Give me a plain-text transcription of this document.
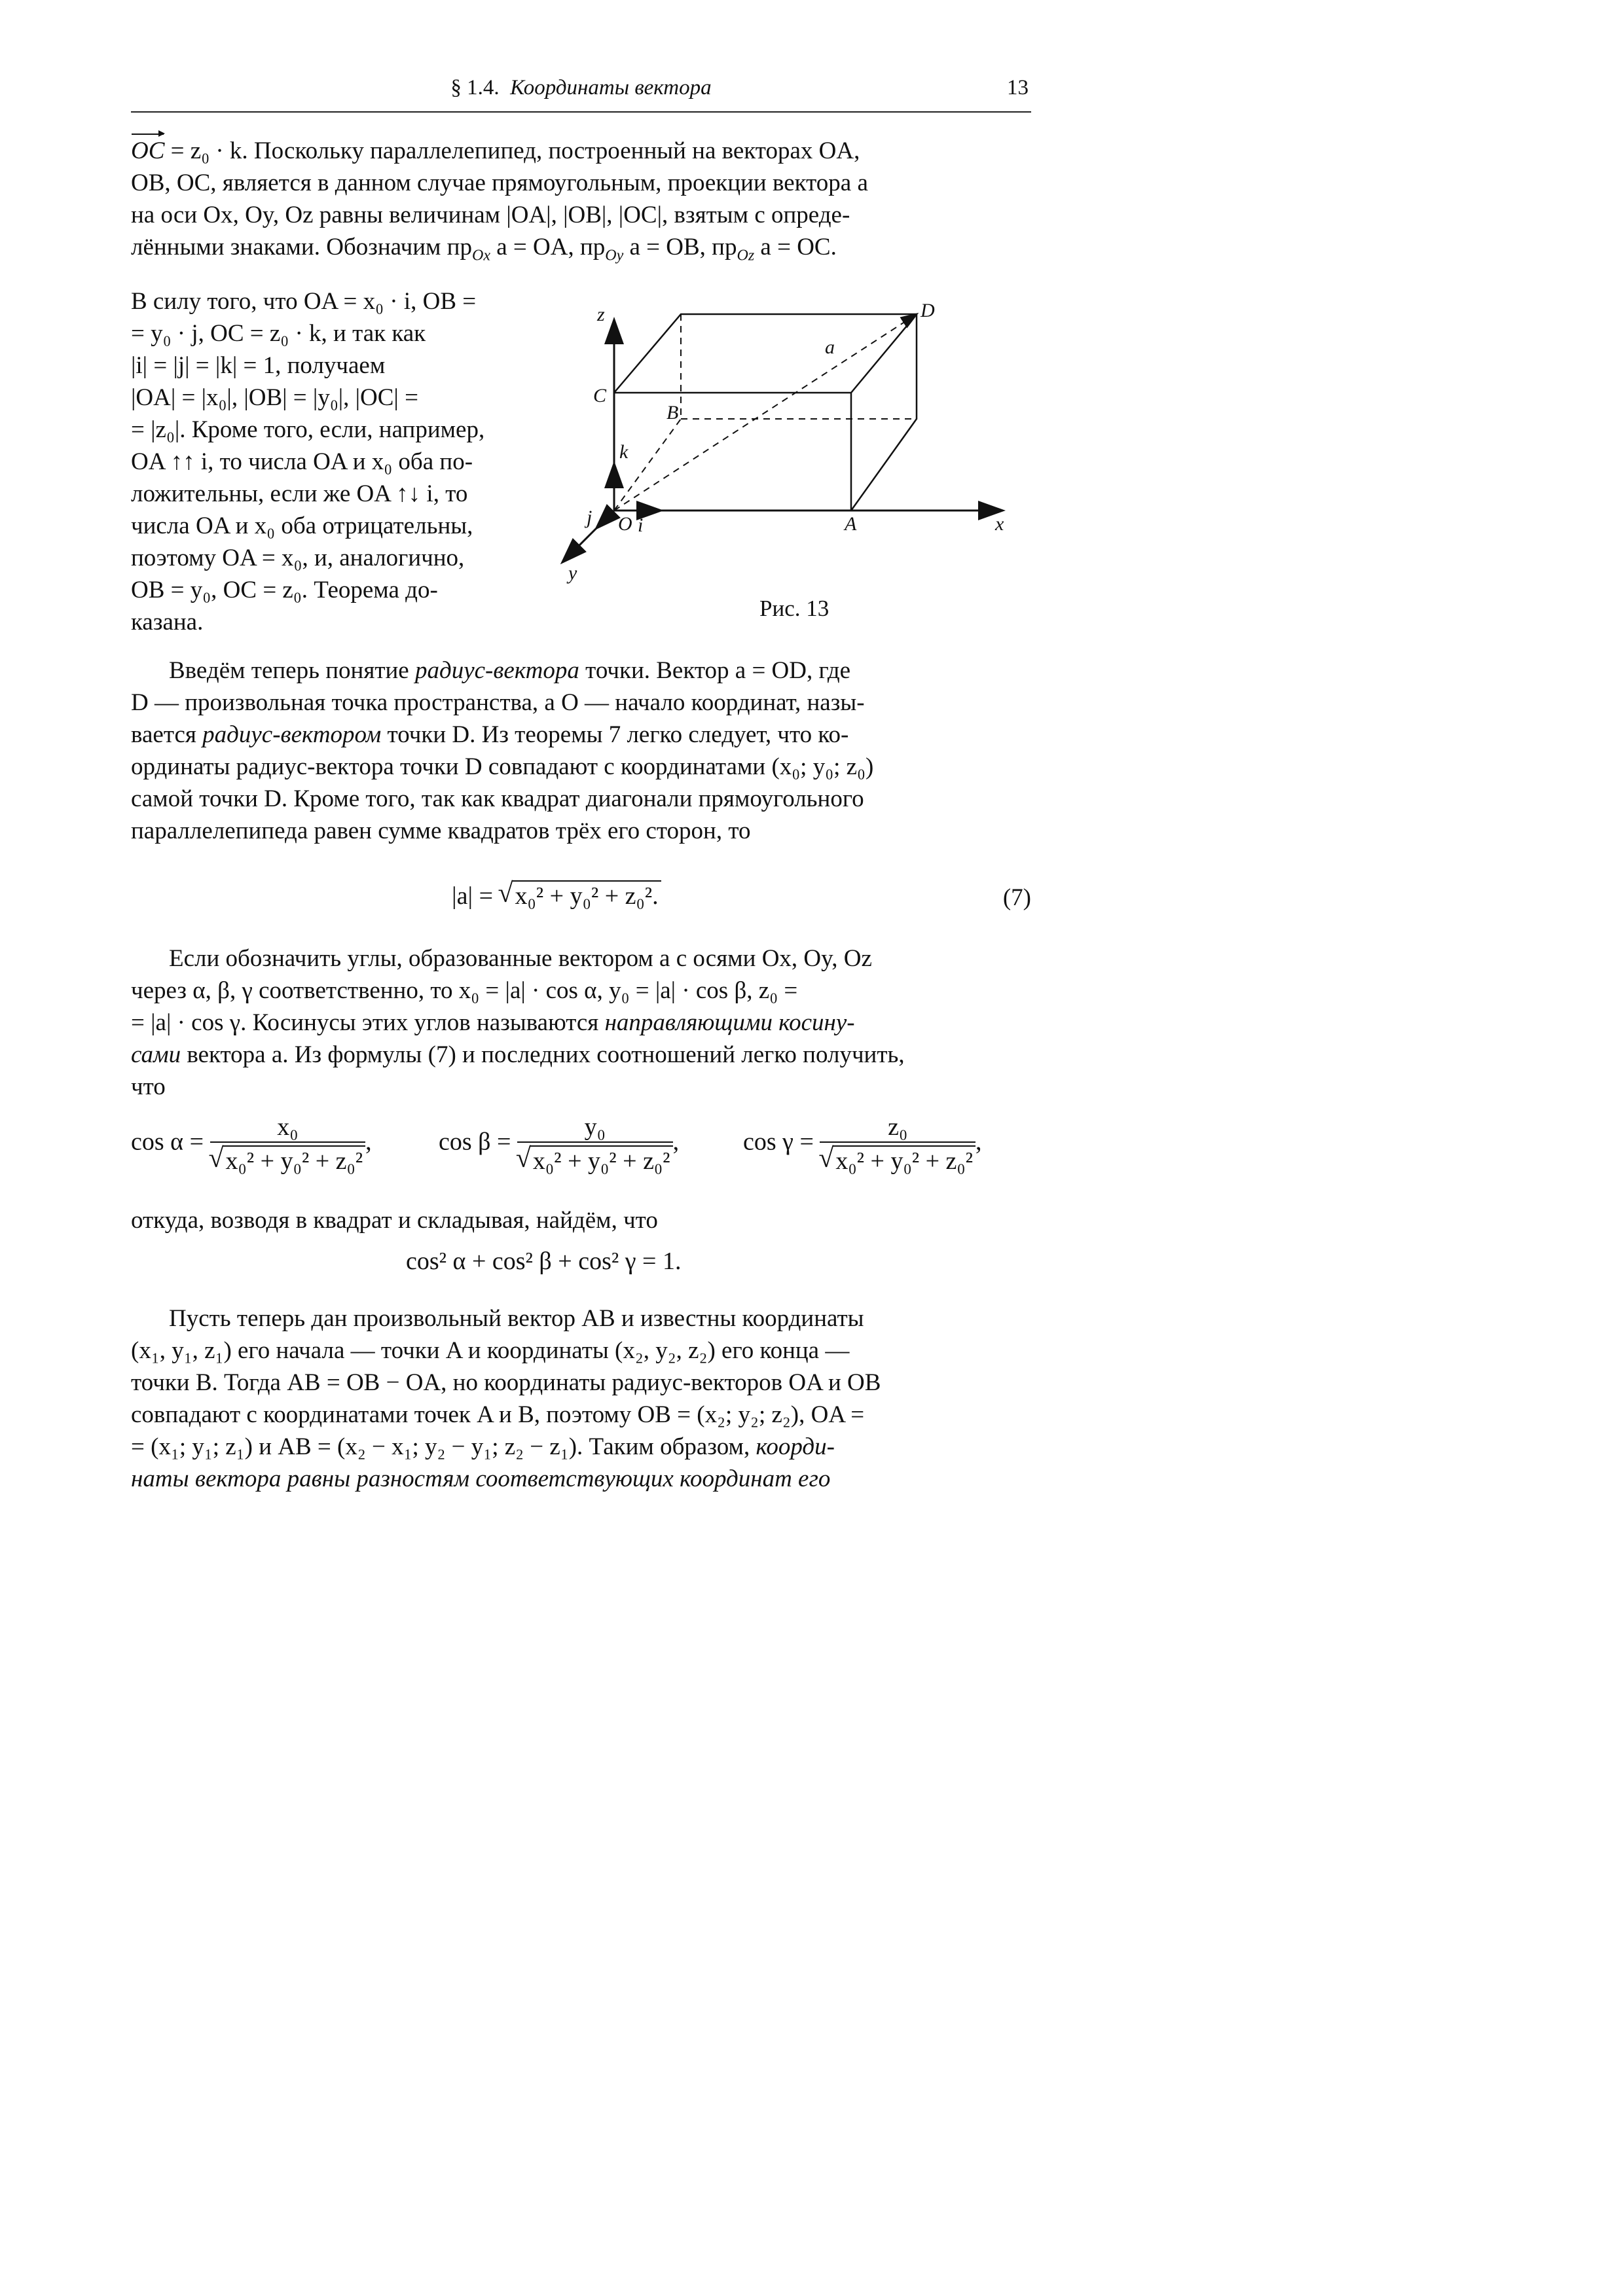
§ 1.4. Координаты вектора	13

OC = z₀ · k. Поскольку параллелепипед, построенный на векторах OA,

OB, OC, является в данном случае прямоугольным, проекции вектора a

на оси Ox, Oy, Oz равны величинам |OA|, |OB|, |OC|, взятым с опреде-

лёнными знаками. Обозначим $пр_{Ox}$ a = OA, $пр_{Oy}$ a = OB, $пр_{Oz}$ a = OC.

В силу того, что OA = x₀ · i, OB =

= y₀ · j, OC = z₀ · k, и так как

|i| = |j| = |k| = 1, получаем

|OA| = |x₀|, |OB| = |y₀|, |OC| =

= |z₀|. Кроме того, если, например,

OA ↑↑ i, то числа OA и x₀ оба по-

ложительны, если же OA ↑↓ i, то

числа OA и x₀ оба отрицательны,

поэтому OA = x₀, и, аналогично,

OB = y₀, OC = z₀. Теорема до-

казана.

z
x
y
O	A
B
C
D
a
i
j
k
Рис. 13

Введём теперь понятие радиус-вектора точки. Вектор a = OD, где

D — произвольная точка пространства, а O — начало координат, назы-

вается радиус-вектором точки D. Из теоремы 7 легко следует, что ко-

ординаты радиус-вектора точки D совпадают с координатами (x₀; y₀; z₀)

самой точки D. Кроме того, так как квадрат диагонали прямоугольного

параллелепипеда равен сумме квадратов трёх его сторон, то

|a| = √ x₀² + y₀² + z₀².	(7)

Если обозначить углы, образованные вектором a с осями Ox, Oy, Oz

через α, β, γ соответственно, то x₀ = |a| · cos α, y₀ = |a| · cos β, z₀ =

= |a| · cos γ. Косинусы этих углов называются направляющими косину-

сами вектора a. Из формулы (7) и последних соотношений легко получить,

что

cos α = x₀
√ x₀² + y₀² + z₀² ,	cos β = y₀
√ x₀² + y₀² + z₀² ,	cos γ = z₀
√ x₀² + y₀² + z₀² ,

откуда, возводя в квадрат и складывая, найдём, что

cos² α + cos² β + cos² γ = 1.

Пусть теперь дан произвольный вектор AB и известны координаты

(x₁, y₁, z₁) его начала — точки A и координаты (x₂, y₂, z₂) его конца —

точки B. Тогда AB = OB − OA, но координаты радиус-векторов OA и OB

совпадают с координатами точек A и B, поэтому OB = (x₂; y₂; z₂), OA =

= (x₁; y₁; z₁) и AB = (x₂ − x₁; y₂ − y₁; z₂ − z₁). Таким образом, коорди-

наты вектора равны разностям соответствующих координат его
